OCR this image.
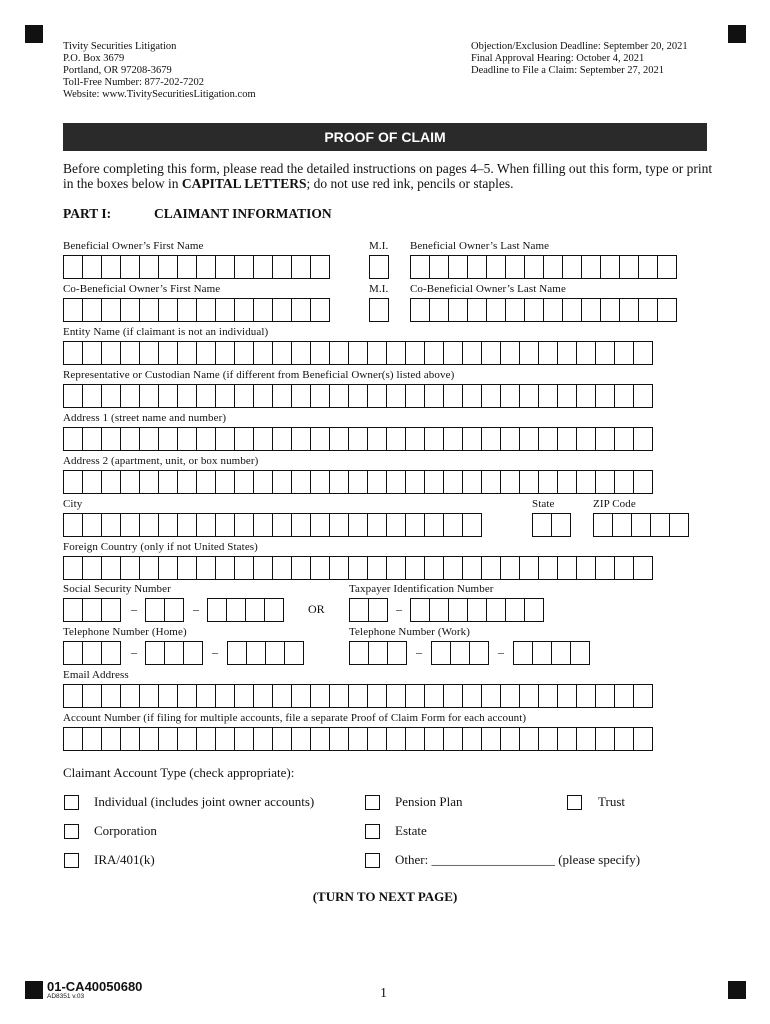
Tivity Securities Litigation
P.O. Box 3679
Portland, OR 97208-3679
Toll-Free Number: 877-202-7202
Website: www.TivitySecuritiesLitigation.com
Objection/Exclusion Deadline: September 20, 2021
Final Approval Hearing: October 4, 2021
Deadline to File a Claim: September 27, 2021
PROOF OF CLAIM
Before completing this form, please read the detailed instructions on pages 4–5. When filling out this form, type or print in the boxes below in CAPITAL LETTERS; do not use red ink, pencils or staples.
PART I:	CLAIMANT INFORMATION
Beneficial Owner’s First Name	M.I. Beneficial Owner’s Last Name
Co-Beneficial Owner’s First Name	M.I. Co-Beneficial Owner’s Last Name
Entity Name (if claimant is not an individual)
Representative or Custodian Name (if different from Beneficial Owner(s) listed above)
Address 1 (street name and number)
Address 2 (apartment, unit, or box number)
City	State	ZIP Code
Foreign Country (only if not United States)
Social Security Number	Taxpayer Identification Number
–	–	OR	–
Telephone Number (Home)	Telephone Number (Work)
–	–	–	–
Email Address
Account Number (if filing for multiple accounts, file a separate Proof of Claim Form for each account)
Claimant Account Type (check appropriate):
Individual (includes joint owner accounts)	Pension Plan	Trust
Corporation	Estate
IRA/401(k)	Other: ___________________ (please specify)
(TURN TO NEXT PAGE)
01-CA40050680
AD8351 v.03	1
